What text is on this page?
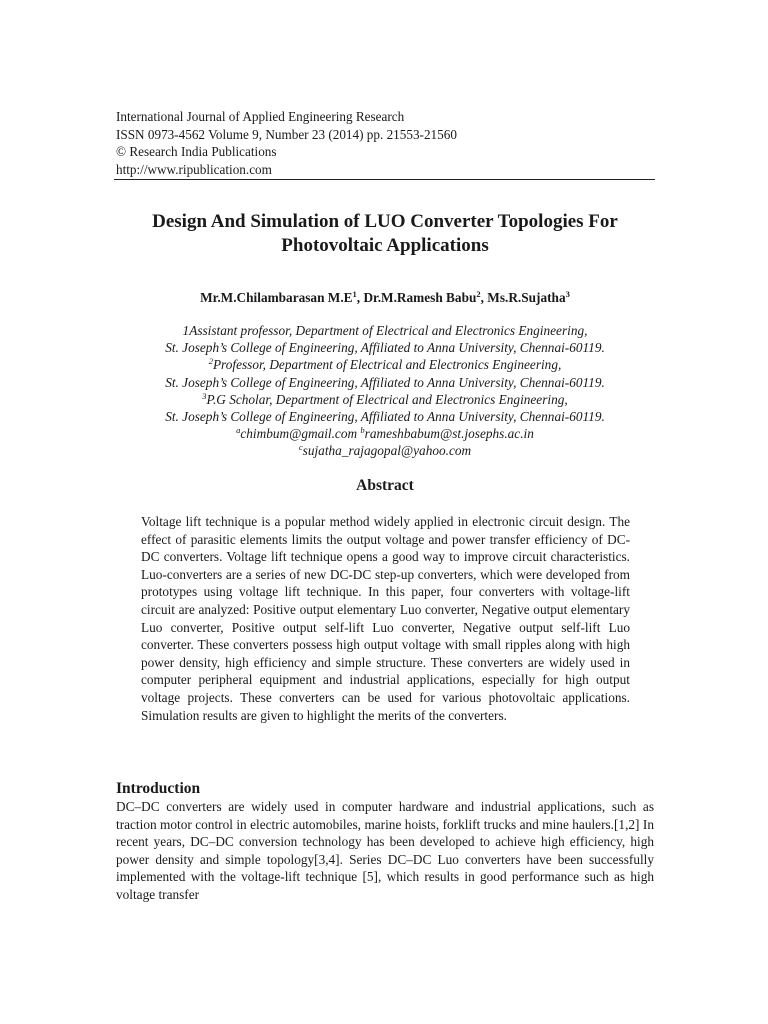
International Journal of Applied Engineering Research
ISSN 0973-4562 Volume 9, Number 23 (2014) pp. 21553-21560
© Research India Publications
http://www.ripublication.com
Design And Simulation of LUO Converter Topologies For Photovoltaic Applications
Mr.M.Chilambarasan $M.E^1$, Dr.M.Ramesh Babu$^2$, Ms.R.Sujatha$^3$
1Assistant professor, Department of Electrical and Electronics Engineering,
St. Joseph’s College of Engineering, Affiliated to Anna University, Chennai-60119.
$^2$Professor, Department of Electrical and Electronics Engineering,
St. Joseph’s College of Engineering, Affiliated to Anna University, Chennai-60119.
$^3$P.G Scholar, Department of Electrical and Electronics Engineering,
St. Joseph’s College of Engineering, Affiliated to Anna University, Chennai-60119.
$^a$chimbum@gmail.com $^b$rameshbabum@st.josephs.ac.in
$^c$sujatha_rajagopal@yahoo.com
Abstract
Voltage lift technique is a popular method widely applied in electronic circuit design. The effect of parasitic elements limits the output voltage and power transfer efficiency of DC-DC converters. Voltage lift technique opens a good way to improve circuit characteristics. Luo-converters are a series of new DC-DC step-up converters, which were developed from prototypes using voltage lift technique. In this paper, four converters with voltage-lift circuit are analyzed: Positive output elementary Luo converter, Negative output elementary Luo converter, Positive output self-lift Luo converter, Negative output self-lift Luo converter. These converters possess high output voltage with small ripples along with high power density, high efficiency and simple structure. These converters are widely used in computer peripheral equipment and industrial applications, especially for high output voltage projects. These converters can be used for various photovoltaic applications. Simulation results are given to highlight the merits of the converters.
Introduction
DC–DC converters are widely used in computer hardware and industrial applications, such as traction motor control in electric automobiles, marine hoists, forklift trucks and mine haulers.[1,2] In recent years, DC–DC conversion technology has been developed to achieve high efficiency, high power density and simple topology[3,4]. Series DC–DC Luo converters have been successfully implemented with the voltage-lift technique [5], which results in good performance such as high voltage transfer
